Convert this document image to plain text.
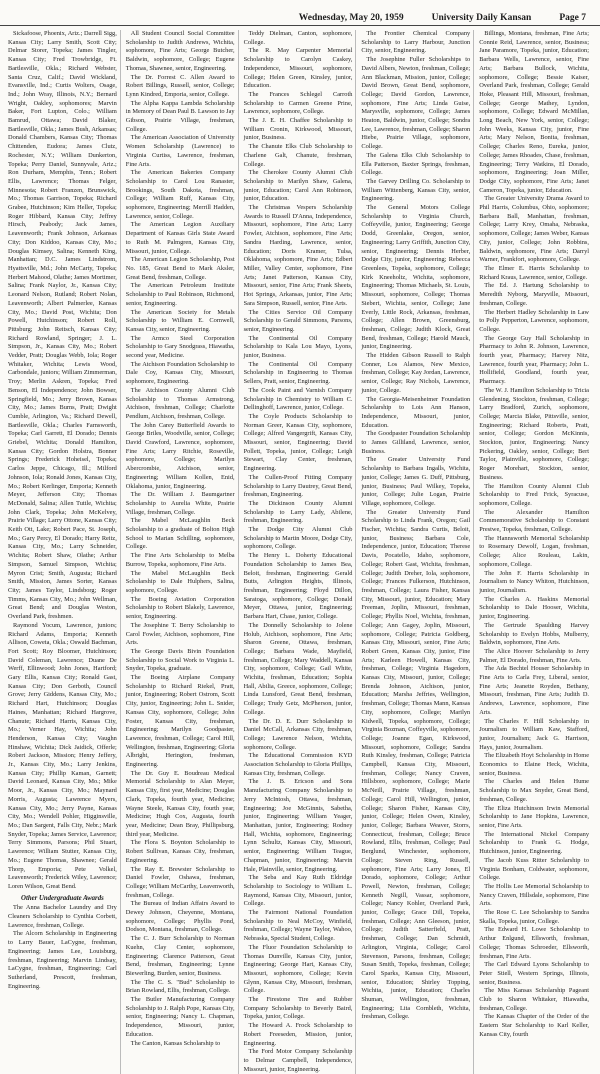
Wednesday, May 20, 1959	University Daily Kansan	Page 7

Sickafoose, Phoenix, Ariz.; Darrell Sigg, Kansas City; Larry Smith, Scott City; Delmar Storer, Topeka; James Tingler, Kansas City; Fred Trowbridge, Ft. Bartlesville, Okla.; Richard Webster, Santa Cruz, Calif.; David Wickland, Evansville, Ind.; Curtis Wolters, Osage, Ind.; John Wray, Illinois, N.Y.; Bernard Wright, Oakley, sophomores; Marvin Baker, Fort Lupton, Colo.; William Bamrud, Ottawa; David Blaker, Bartlesville, Okla.; James Bush, Arkansas; Donald Chambers, Kansas City; Thomas Chittenden, Eudora; James Clutz, Rochester, N.Y.; William Dunkerton, Topeka; Perry Daniel, Sunnyvale, Ariz.; Ron Durham, Memphis, Tenn.; Robert Ellis, Lawrence; Thomas Felger, Minnesota; Robert Franzen, Brunswick, Mo.; Thomas Garrison, Topeka; Richard Grabee, Hutchinson; Kim Heller, Topeka; Roger Hibbard, Kansas City; Jeffrey Hirsch, Peabody; Jack James, Leavenworth; Frank Johnson, Arkansas City; Don Kiddoo, Kansas City, Mo.; Douglas Kimsey, Salina; Kenneth King, Manhattan; D.C. James Lindstrom, Hyattsville, Md.; John McCarty, Topeka; Herbert Mahood, Olathe; James Mortimer, Salina; Frank Naylor, Jr., Kansas City; Leonard Nelson, Rutland; Robert Nolan, Leavenworth; Albert Palmerlee, Kansas City, Mo.; David Post, Wichita; Don Powell, Hutchinson; Robert Roll, Pittsburg; John Reitsch, Kansas City; Richard Rowland, Springer; J. L. Simpson, Jr., Kansas City, Mo.; Robert Vedder, Pratt; Douglas Webb, Iola; Roger Whitaker, Wichita; Lewis Wood, Carbondale, juniors; William Zimmerman, Troy; Merlin Askren, Topeka; Fred Benson, El Independence; John Bowser, Springfield, Mo.; Jerry Brown, Kansas City, Mo.; James Burns, Pratt; Dwight Cumble, Arlington, Va.; Richard Dewell, Bartlesville, Okla.; Charles Farnsworth, Topeka; Carl Garrett, El Dorado; Dennis Griebel, Wichita; Donald Hamilton, Kansas City; Gordon Holstra, Bonner Springs; Frederick Hoheisel, Topeka; Carlos Jeppe, Chicago, Ill.; Milford Johnson, Iola; Ronald Jones, Kansas City, Mo.; Robert Kerlinger, Emporia; Kenneth Meyer, Jefferson City; Thomas McDonald, Salina; Allen Tuttle, Wichita; John Clark, Topeka; John McKelvey, Prairie Village; Larry Ottone, Kansas City; Keith Ott, Lake; Robert Pace, St. Joseph, Mo.; Gary Percy, El Dorado; Harry Reitz, Kansas City, Mo.; Larry Schneider, Wichita; Robert Shaw, Olathe; Arthur Simpson, Samuel Simpson, Wichita; Myron Crist; Smith, Augusta; Richard Smith, Mission, James Sorter, Kansas City; James Taylor, Lindsborg; Roger Timms, Kansas City, Mo.; John Wellman, Great Bend; and Douglas Weston, Overland Park, freshmen.

Raymond Yocum, Lawrence, juniors; Richard Adams, Emporia; Kenneth Allison, Coweta, Okla.; Oswald Bachman, Fort Scott; Roy Bloomer, Hutchinson; David Coleman, Lawrence; Duane De Werff, Ellinwood; John Jones, Hartford; Gary Ellis, Kansas City; Ronald Gast, Kansas City; Don Gerboth, Council Grove; Jerry Giddens, Kansas City, Mo.; Richard Hart, Hutchinson; Douglas Haines, Manhattan; Richard Hargrove, Chanute; Richard Harris, Kansas City, Mo.; Verner Hay, Wichita; John Henderson, Kansas City; Vaughn Hinshaw, Wichita; Dick Jaidick, Offerle; Robert Jackson, Mission; Henry Jeffery, Jr., Kansas City, Mo.; Larry Jenkins, Kansas City; Phillip Kaman, Garnett; David Leonard, Kansas City, Mo.; Mike Moor, Jr., Kansas City, Mo.; Maynard Morris, Augusta; Lawrence Myers, Kansas City, Mo.; Jerry Payne, Kansas City, Mo.; Wendell Pohler, Higginsville, Mo.; Dan Sargent, Falls City, Nebr.; Mark Snyder, Topeka; James Service, Lawrence; Terry Simmons, Parsons; Phil Stuart, Lawrence; William Stutter, Kansas City, Mo.; Eugene Thomas, Shawnee; Gerald Thorp, Emporia; Pete Volkel, Leavenworth; Frederick Wiley, Lawrence; Loren Wilson, Great Bend.

Other Undergraduate Awards

The Anna Bachelor Laundry and Dry Cleaners Scholarship to Cynthia Corbett, Lawrence, freshman, College.

The Alcorn Scholarship in Engineering to Larry Bauer, LaCygne, freshman, Engineering; James Lee, Louisburg, freshman, Engineering; Marvin Lindsay, LaCygne, freshman, Engineering; Carl Sutherland, Prescott, freshman, Engineering.

All Student Council Social Committee Scholarship to Judith Andrews, Wichita, sophomore, Fine Arts; George Butcher, Baldwin, sophomore, College; Eugene Thomas, Shawnee, senior, Engineering.

The Dr. Forrest C. Allen Award to Robert Billings, Russell, senior, College; Lynn Kindred, Emporia, senior, College.

The Alpha Kappa Lambda Scholarship in Memory of Dean Paul B. Lawson to Jay Gibson, Prairie Village, freshman, College.

The American Association of University Women Scholarship (Lawrence) to Virginia Curtiss, Lawrence, freshman, Fine Arts.

The American Bakeries Company Scholarship to Carol Lou Ranaster, Brookings, South Dakota, freshman, College; William Ruff, Kansas City, sophomore, Engineering; Merrill Hadden, Lawrence, senior, College.

The American Legion Auxiliary Department of Kansas Girls State Award to Ruth M. Palmgren, Kansas City, Missouri, junior, College.

The American Legion Scholarship, Post No. 185, Great Bend to Mark Aksler, Great Bend, freshman, College.

The American Petroleum Institute Scholarship to Paul Robinson, Richmond, senior, Engineering.

The American Society for Metals Scholarship to William E. Cornwell, Kansas City, senior, Engineering.

The Armco Steel Corporation Scholarship to Gary Snodgrass, Hiawatha, second year, Medicine.

The Atchison Foundation Scholarship to Dale Coy, Kansas City, Missouri, sophomore, Engineering.

The Atchison County Alumni Club Scholarship to Thomas Armstrong, Atchison, freshman, College; Charlotte Pendlum, Atchison, freshman, College.

The John Carey Butterfield Awards to George Briles, Woodville, senior, College; David Crawford, Lawrence, sophomore, Fine Arts; Larry Ritchie, Roseville, sophomore, College; Marilyn Abercrombie, Atchison, senior, Engineering; William Kollen, Enid, Oklahoma, junior, Engineering.

The Dr. William J. Baumgartner Scholarship to Aurelia White, Prairie Village, freshman, College.

The Mabel McLaughlin Beck Scholarship to a graduate of Bolton High School to Marian Schilling, sophomore, College.

The Fine Arts Scholarship to Melba Burrow, Topeka, sophomore, Fine Arts.

The Mabel McLaughlin Beck Scholarship to Dale Hulphers, Salina, sophomore, College.

The Boeing Aviation Corporation Scholarship to Robert Blakely, Lawrence, senior, Engineering.

The Josephine T. Berry Scholarship to Carol Fowler, Atchison, sophomore, Fine Arts.

The George Davis Bivin Foundation Scholarship to Social Work to Virginia L. Snyder, Topeka, graduate.

The Boeing Airplane Company Scholarship to Richard Riekel, Pratt, junior, Engineering; Robert Ostrom, Scott City, junior, Engineering; John L. Snider, Kansas City, sophomore, College; John Foster, Kansas City, freshman, Engineering; Marilyn Goodpaster, Lawrence, freshman, College; Carol Hill, Wellington, freshman, Engineering; Gloria Albright, Herington, freshman, Engineering.

The Dr. Guy E. Boudreau Medical Memorial Scholarship to Alan Meyer, Kansas City, first year, Medicine; Douglas Clark, Topeka, fourth year, Medicine; Wayne Steele, Kansas City, fourth year, Medicine; Hugh Cox, Augusta, fourth year, Medicine; Dean Bray, Phillipsburg, third year, Medicine.

The Flora S. Boynton Scholarship to Robert Sullivan, Kansas City, freshman, Engineering.

The Ray E. Brewster Scholarship to Daniel Fowler, Oshawa, freshman, College; William McCarthy, Leavenworth, freshman, College.

The Bureau of Indian Affairs Award to Dewey Johnson, Cheyenne, Montana, sophomore, College; Phyllis Pond, Dodson, Montana, freshman, College.

The C. J. Burr Scholarship to Norman Kuehn, Clay Center, sophomore, Engineering; Clarence Patterson, Great Bend, freshman, Engineering; Lynne Biewerling, Burden, senior, Business.

The The C. S. "Bud" Scholarship to Brian Rowland, Ellis, freshman, College.

The Butler Manufacturing Company Scholarship to J. Ralph Pope, Kansas City, senior, Engineering; Nancy L. Chapman, Independence, Missouri, junior, Education.

The Canton, Kansas Scholarship to

Teddy Dielman, Canton, sophomore, College.

The R. May Carpenter Memorial Scholarship to Carolyn Caskey, Independence, Missouri, sophomore, College; Helen Green, Kinsley, junior, Education.

The Frances Schlegel Carroth Scholarship to Carmen Greene Prine, Lawrence, sophomore, College.

The J. E. H. Chaffee Scholarship to William Cronin, Kirkwood, Missouri, junior, Business.

The Chanute Elks Club Scholarship to Charlene Galt, Chanute, freshman, College.

The Cherokee County Alumni Club Scholarship to Marilyn Shaw, Galena, junior, Education; Carol Ann Robinson, junior, Education.

The Christmas Vespers Scholarship Awards to Russell D'Anna, Independence, Missouri, sophomore, Fine Arts; Larry Fowler, Atchison, sophomore, Fine Arts; Sandra Harding, Lawrence, senior, Education; Doris Kramer, Tulsa, Oklahoma, sophomore, Fine Arts; Edbert Miller, Valley Center, sophomore, Fine Arts; Janet Patterson, Kansas City, Missouri, senior, Fine Arts; Frank Sheets, Hot Springs, Arkansas, junior, Fine Arts; Sara Simpson, Russell, senior, Fine Arts.

The Cities Service Oil Company Scholarship to Gerald Simmons, Parsons, senior, Engineering.

The Continental Oil Company Scholarship to Kala Lou Mayo, Lyons, junior, Business.

The Continental Oil Company Scholarship in Engineering to Thomas Sellers, Pratt, senior, Engineering.

The Cook Paint and Varnish Company Scholarship in Chemistry to William C. Dellinghoff, Lawrence, junior, College.

The Coyle Products Scholarship to Norman Greer, Kansas City, sophomore, College; Alfred Vangergrift, Kansas City, Missouri, senior, Engineering; David Pollett, Topeka, junior, College; Leigh Stewart, Clay Center, freshman, Engineering.

The Cullen-Proof Fitting Company Scholarship to Larry Dautrey, Great Bend, freshman, Engineering.

The Dickinson County Alumni Scholarship to Larry Lady, Abilene, freshman, Engineering.

The Dodge City Alumni Club Scholarship to Martin Moore, Dodge City, sophomore, College.

The Henry L. Doherty Educational Foundation Scholarship to James Bea, Beloit, freshman, Engineering; Gerald Butts, Arlington Heights, Illinois, freshman, Engineering; Floyd Dillon, Saratoga, sophomore, College; Donald Meyer, Ottawa, junior, Engineering; Barbara Hart, Chase, junior, College.

The Donnelly Scholarship to Jolene Holub, Atchison, sophomore, Fine Arts; Sharon Greene, Ottawa, freshman, College; Barbara Wade, Mayfield, freshman, College; Mary Waddell, Kansas City, sophomore, College; Gail White, Wichita, freshman, Education; Sophia Hall, Abilia, Greece, sophomore, College; Linda Lunsford, Great Bend, freshman, College; Trudy Getz, McPherson, junior, College.

The Dr. D. E. Durr Scholarship to Daniel McCall, Arkansas City, freshman, College; Lawrence Nelson, Wichita, sophomore, College.

The Educational Commission KYD Association Scholarship to Gloria Phillips, Kansas City, freshman, College.

The J. B. Ericson and Sons Manufacturing Company Scholarship to Jerry McIntosh, Ottawa, freshman, Engineering; Joe McGinnis, Sabetha, junior, Engineering; William Yeager, Manhattan, junior, Engineering; Rodney Hall, Wichita, sophomore, Engineering; Lynn Schultz, Kansas City, Missouri, senior, Engineering; William Teague, Chapman, junior, Engineering; Marvin Hale, Plainville, senior, Engineering.

The Seba and Kay Ruth Eldridge Scholarship to Sociology to William L. Raymond, Kansas City, Missouri, junior, College.

The Fairmont National Foundation Scholarship to Neal McCoy, Winfield, freshman, College; Wayne Taylor, Wahoo, Nebraska, Special Student, College.

The Fluor Foundation Scholarship to Thomas Dunville, Kansas City, junior, Engineering; George Hart, Kansas City, Missouri, sophomore, College; Kevin Glynn, Kansas City, Missouri, freshman, College.

The Firestone Tire and Rubber Company Scholarship to Beverly Baird, Topeka, junior, College.

The Howard A. Frock Scholarship to Robert Freeseden, Mission, junior, Engineering.

The Ford Motor Company Scholarship to Delmar Campbell, Independence, Missouri, junior, Engineering.

The Frontier Chemical Company Scholarship to Larry Harbour, Junction City, senior, Engineering.

The Josephine Fuller Scholarships to David Albers, Newton, freshman, College; Ann Blackman, Mission, junior, College; David Brown, Great Bend, sophomore, College; David Gordon, Lawrence, sophomore, Fine Arts; Linda Guise, Marysville, sophomore, College; James Heaton, Baldwin, junior, College; Sondra Lee, Lawrence, freshman, College; Sharon Hiebe, Prairie Village, sophomore, College.

The Galena Elks Club Scholarship to Ella Patterson, Baxter Springs, freshman, College.

The Garvey Drilling Co. Scholarship to William Wittenberg, Kansas City, senior, Engineering.

The General Motors College Scholarship to Virginia Church, Coffeyville, junior, Engineering; George Dodd, Greenlake, Oregon, senior, Engineering; Larry Griffith, Junction City, senior, Engineering; Dennis Herber, Dodge City, junior, Engineering; Rebecca Greenlees, Topeka, sophomore, College; Kirk Kneeholtz, Wichita, sophomore, Engineering; Thomas Michaels, St. Louis, Missouri, sophomore, College; Thomas Siebert, Wichita, senior, College; Jane Everly, Little Rock, Arkansas, freshman, College; Allen Brown, Greensburg, freshman, College; Judith Klock, Great Bend, freshman, College; Harold Mauck, junior, Engineering.

The Hidden Gibson Russell to Ralph Conner, Los Alamos, New Mexico, freshman, College; Kay Jordan, Lawrence, senior, College; Ray Nichols, Lawrence, junior, College.

The Georgia-Meisenheimer Foundation Scholarship to Lois Ann Hanson, Independence, Missouri, junior, Education.

The Goodpaster Foundation Scholarship to James Gilliland, Lawrence, senior, Business.

The Greater University Fund Scholarship to Barbara Ingalls, Wichita, junior, College; James G. Duff, Pittsburg, junior, Business; Paul Wilkey, Topeka, junior, College; Julie Logan, Prairie Village, sophomore, College.

The Greater University Fund Scholarship to Linda Frank, Oregon; Gail Fischer, Wichita; Sandra Curtis, Beloit, junior, Business; Barbara Cole, Independence, junior, Education; Therese Davis, Pocatello, Idaho, sophomore, College; Robert Gast, Wichita, freshman, College; Judith Dreher, Iola, sophomore, College; Frances Fulkerson, Hutchinson, freshman, College; Laura Fisher, Kansas City, Missouri, junior, Education; Mary Freeman, Joplin, Missouri, freshman, College; Phyllis Noel, Wichita, freshman, College; Ann Gagey, Joplin, Missouri, sophomore, College; Patricia Goldberg, Kansas City, Missouri, senior, Fine Arts; Robert Green, Kansas City, junior, Fine Arts; Karleen Howell, Kansas City, freshman, College; Virginia Hagedorn, Kansas City, Missouri, junior, College; Brenda Johnson, Atchison, junior, Education; Marsha Jeffries, Wellington, freshman, College; Thomas Mann, Kansas City, sophomore, College; Marilyn Kidwell, Topeka, sophomore, College; Virginia Bozman, Coffeyville, sophomore, College; Joanne Egan, Kirkwood, Missouri, sophomore, College; Sandra Ruth Kinsley, freshman, College; Patricia Campbell, Kansas City, Missouri, freshman, College; Nancy Craven, Hillsboro, sophomore, College; Marie McNeill, Prairie Village, freshman, College; Carol Hill, Wellington, junior, College; Sharon Fisher, Kansas City, junior, College; Helen Owen, Kinsley, junior, College; Barbara Weaver, Storrs, Connecticut, freshman, College; Bruce Rowland, Ellis, freshman, College; Paul Berglund, Winchester, sophomore, College; Steven Ring, Russell, sophomore, Fine Arts; Larry Jones, El Dorado, sophomore, College; Arthur Powell, Newton, freshman, College; Kenneth Negill, Vassar, sophomore, College; Nancy Kohler, Overland Park, junior, College; Grace Dill, Topeka, freshman, College; Ann Gleeson, junior, College; Judith Satterfield, Pratt, freshman, College; Dan Schmidt, Arlington, Virginia, College; Carol Stevenson, Parsons, freshman, College; Susan Smith, Topeka, freshman, College; Carol Sparks, Kansas City, Missouri, senior, Education; Shirley Topping, Wichita, junior, Education; Charles Shuman, Wellington, freshman, Engineering; Lita Cornbleth, Wichita, freshman, College.

Billings, Montana, freshman, Fine Arts; Connie Reid, Lawrence, senior, Business; Jane Paramore, Topeka, junior, Education; Barbara Wells, Lawrence, senior, Fine Arts; Barbara Bullock, Wichita, sophomore, College; Bessie Kaiser, Overland Park, freshman, College; Gerald Hoke, Pleasant Hill, Missouri, freshman, College; George Mathey, Lyndon, sophomore, College; Edward McMillan, Long Beach, New York, senior, College; John Weeks, Kansas City, junior, Fine Arts; Mary Nelson, Bonita, freshman, College; Charles Reno, Eureka, junior, College; James Rhoades, Chase, freshman, Engineering; Terry Watkins, El Dorado, sophomore, Engineering; Joan Miller, Dodge City, sophomore, Fine Arts; Janet Cameron, Topeka, junior, Education.

The Greater University Drama Award to Phil Harris, Columbus, Ohio, sophomore; Barbara Ball, Manhattan, freshman, College; Larry Krey, Omaha, Nebraska, sophomore, College; James Weber, Kansas City, junior, College; John Robbins, Baldwin, sophomore, Fine Arts; Darryl Warner, Frankfort, sophomore, College.

The Elmer E. Harris Scholarship to Richard Kraus, Lawrence, senior, College.

The Ed. J. Hartung Scholarship to Meredith Nyborg, Maryville, Missouri, freshman, College.

The Herbert Hadley Scholarship in Law to Polly Pepperton, Lawrence, sophomore, College.

The George Guy Hall Scholarship in Pharmacy to John R. Johnson, Lawrence, fourth year, Pharmacy; Harvey Nitz, Lawrence, fourth year, Pharmacy; John L. Hollifield, Goodland, fourth year, Pharmacy.

The W. J. Hamilton Scholarship to Tricia Glendening, Stockton, freshman, College; Larry Bradford, Zurich, sophomore, College; Marcia Blake, Pittsville, senior, Engineering; Richard Roberts, Pratt, senior, College; Gordon McKinnis, Stockton, junior, Engineering; Nancy Pickering, Oakley, senior, College; Bert Taylor, Plainville, sophomore, College; Roger Morehart, Stockton, senior, Business.

The Hamilton County Alumni Club Scholarship to Fred Frick, Syracuse, sophomore, College.

The Alexander Hamilton Commemorative Scholarship to Constant Prestwe, Topeka, freshman, College.

The Hannsworth Memorial Scholarship to Rosemary Dewolf, Logan, freshman, College; Alice Rouleau, Lakin, sophomore, College.

The John F. Harris Scholarship in Journalism to Nancy Whiton, Hutchinson, junior, Journalism.

The Charles A. Haskins Memorial Scholarship to Dale Hooser, Wichita, junior, Engineering.

The Gertrude Spaulding Harvey Scholarship to Evelyn Hobbs, Mulberry, Baldwin, sophomore, Fine Arts.

The Alice Hoover Scholarship to Jerry Palmer, El Dorado, freshman, Fine Arts.

The Ada Bechtel Houser Scholarship in Fine Arts to Carla Frey, Liberal, senior, Fine Arts; Jeanette Royden, Bethany, Missouri, freshman, Fine Arts; Judith D. Andrews, Lawrence, sophomore, Fine Arts.

The Charles F. Hill Scholarship in Journalism to William Kaw, Stafford, junior, Journalism; Jack G. Harrison, Hays, junior, Journalism.

The Elizabeth Hoyt Scholarship in Home Economics to Elaine Heck, Wichita, senior, Business.

The Charles and Helen Hume Scholarship to Max Snyder, Great Bend, freshman, College.

The Eliza Hutchinson Irwin Memorial Scholarship to Jane Hopkins, Lawrence, senior, Fine Arts.

The International Nickel Company Scholarship to Frank G. Hodge, Hutchinson, junior, Engineering.

The Jacob Kuss Ritter Scholarship to Virginia Bonham, Coldwater, sophomore, College.

The Hollis Lee Memorial Scholarship to Nancy Craven, Hillsdale, sophomore, Fine Arts.

The Rose C. Lee Scholarship to Sandra Skalla, Topeka, junior, College.

The Edward H. Lowe Scholarship to Arthur Enlgund, Ellsworth, freshman, College; Thomas Schroeder, Ellsworth, freshman, Fine Arts.

The Carl Edward Lyons Scholarship to Peter Stiell, Western Springs, Illinois, senior, Business.

The Miss Kansas Scholarship Pageant Club to Sharon Whitaker, Hiawatha, freshman, College.

The Kansas Chapter of the Order of the Eastern Star Scholarship to Karl Keller, Kansas City, fourth
